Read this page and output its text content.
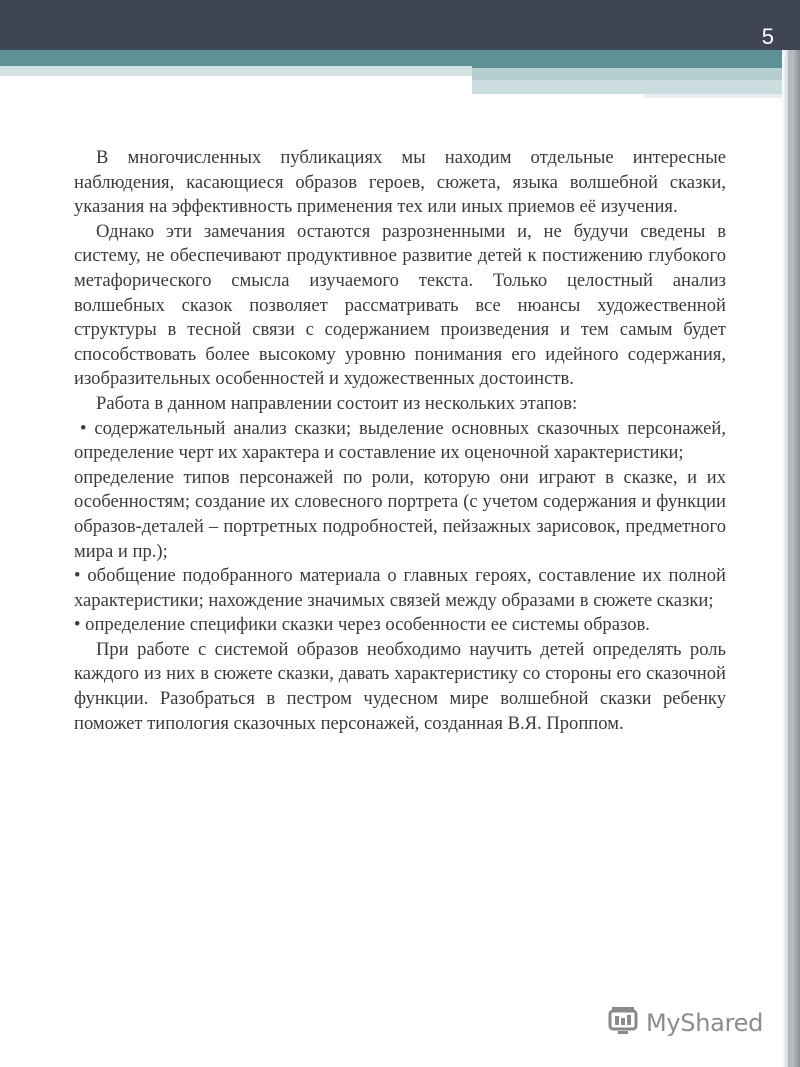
5

В многочисленных публикациях мы находим отдельные интересные наблюдения, касающиеся образов героев, сюжета, языка волшебной сказки, указания на эффективность применения тех или иных приемов её изучения.

Однако эти замечания остаются разрозненными и, не будучи сведены в систему, не обеспечивают продуктивное развитие детей к постижению глубокого метафорического смысла изучаемого текста. Только целостный анализ волшебных сказок позволяет рассматривать все нюансы художественной структуры в тесной связи с содержанием произведения и тем самым будет способствовать более высокому уровню понимания его идейного содержания, изобразительных особенностей и художественных достоинств.

Работа в данном направлении состоит из нескольких этапов:

• содержательный анализ сказки; выделение основных сказочных персонажей, определение черт их характера и составление их оценочной характеристики;

определение типов персонажей по роли, которую они играют в сказке, и их особенностям; создание их словесного портрета (с учетом содержания и функции образов-деталей – портретных подробностей, пейзажных зарисовок, предметного мира и пр.);

• обобщение подобранного материала о главных героях, составление их полной характеристики; нахождение значимых связей между образами в сюжете сказки;

• определение специфики сказки через особенности ее системы образов.

При работе с системой образов необходимо научить детей определять роль каждого из них в сюжете сказки, давать характеристику со стороны его сказочной функции. Разобраться в пестром чудесном мире волшебной сказки ребенку поможет типология сказочных персонажей, созданная В.Я. Проппом.

MyShared
